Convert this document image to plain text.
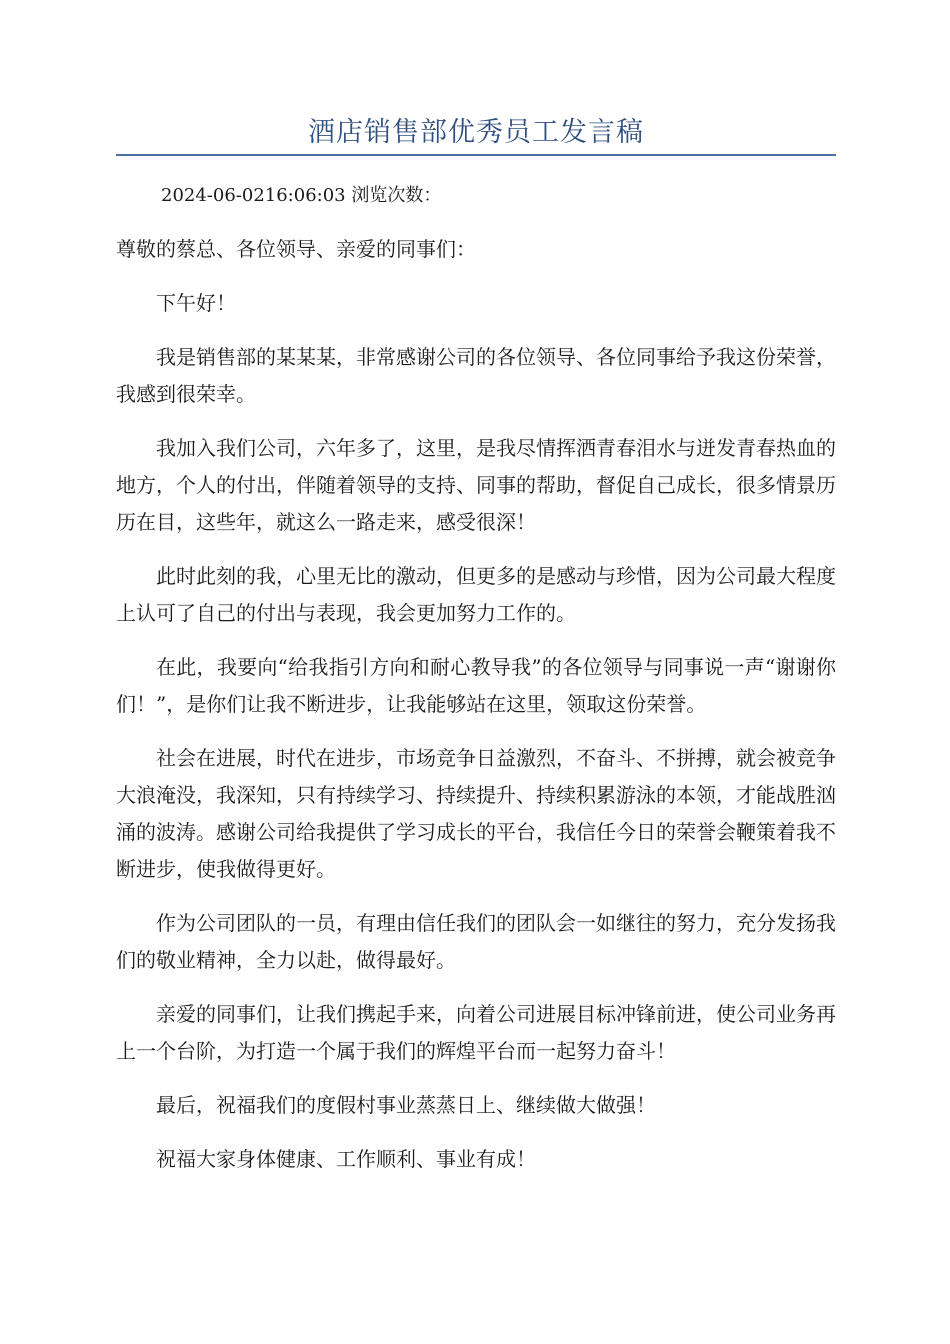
酒店销售部优秀员工发言稿

2024-06-0216:06:03 浏览次数：

尊敬的蔡总、各位领导、亲爱的同事们：

下午好！

我是销售部的某某某，非常感谢公司的各位领导、各位同事给予我这份荣誉，我感到很荣幸。

我加入我们公司，六年多了，这里，是我尽情挥洒青春泪水与迸发青春热血的地方，个人的付出，伴随着领导的支持、同事的帮助，督促自己成长，很多情景历历在目，这些年，就这么一路走来，感受很深！

此时此刻的我，心里无比的激动，但更多的是感动与珍惜，因为公司最大程度上认可了自己的付出与表现，我会更加努力工作的。

在此，我要向“给我指引方向和耐心教导我”的各位领导与同事说一声“谢谢你们！”，是你们让我不断进步，让我能够站在这里，领取这份荣誉。

社会在进展，时代在进步，市场竞争日益激烈，不奋斗、不拼搏，就会被竞争大浪淹没，我深知，只有持续学习、持续提升、持续积累游泳的本领，才能战胜汹涌的波涛。感谢公司给我提供了学习成长的平台，我信任今日的荣誉会鞭策着我不断进步，使我做得更好。

作为公司团队的一员，有理由信任我们的团队会一如继往的努力，充分发扬我们的敬业精神，全力以赴，做得最好。

亲爱的同事们，让我们携起手来，向着公司进展目标冲锋前进，使公司业务再上一个台阶，为打造一个属于我们的辉煌平台而一起努力奋斗！

最后，祝福我们的度假村事业蒸蒸日上、继续做大做强！

祝福大家身体健康、工作顺利、事业有成！
